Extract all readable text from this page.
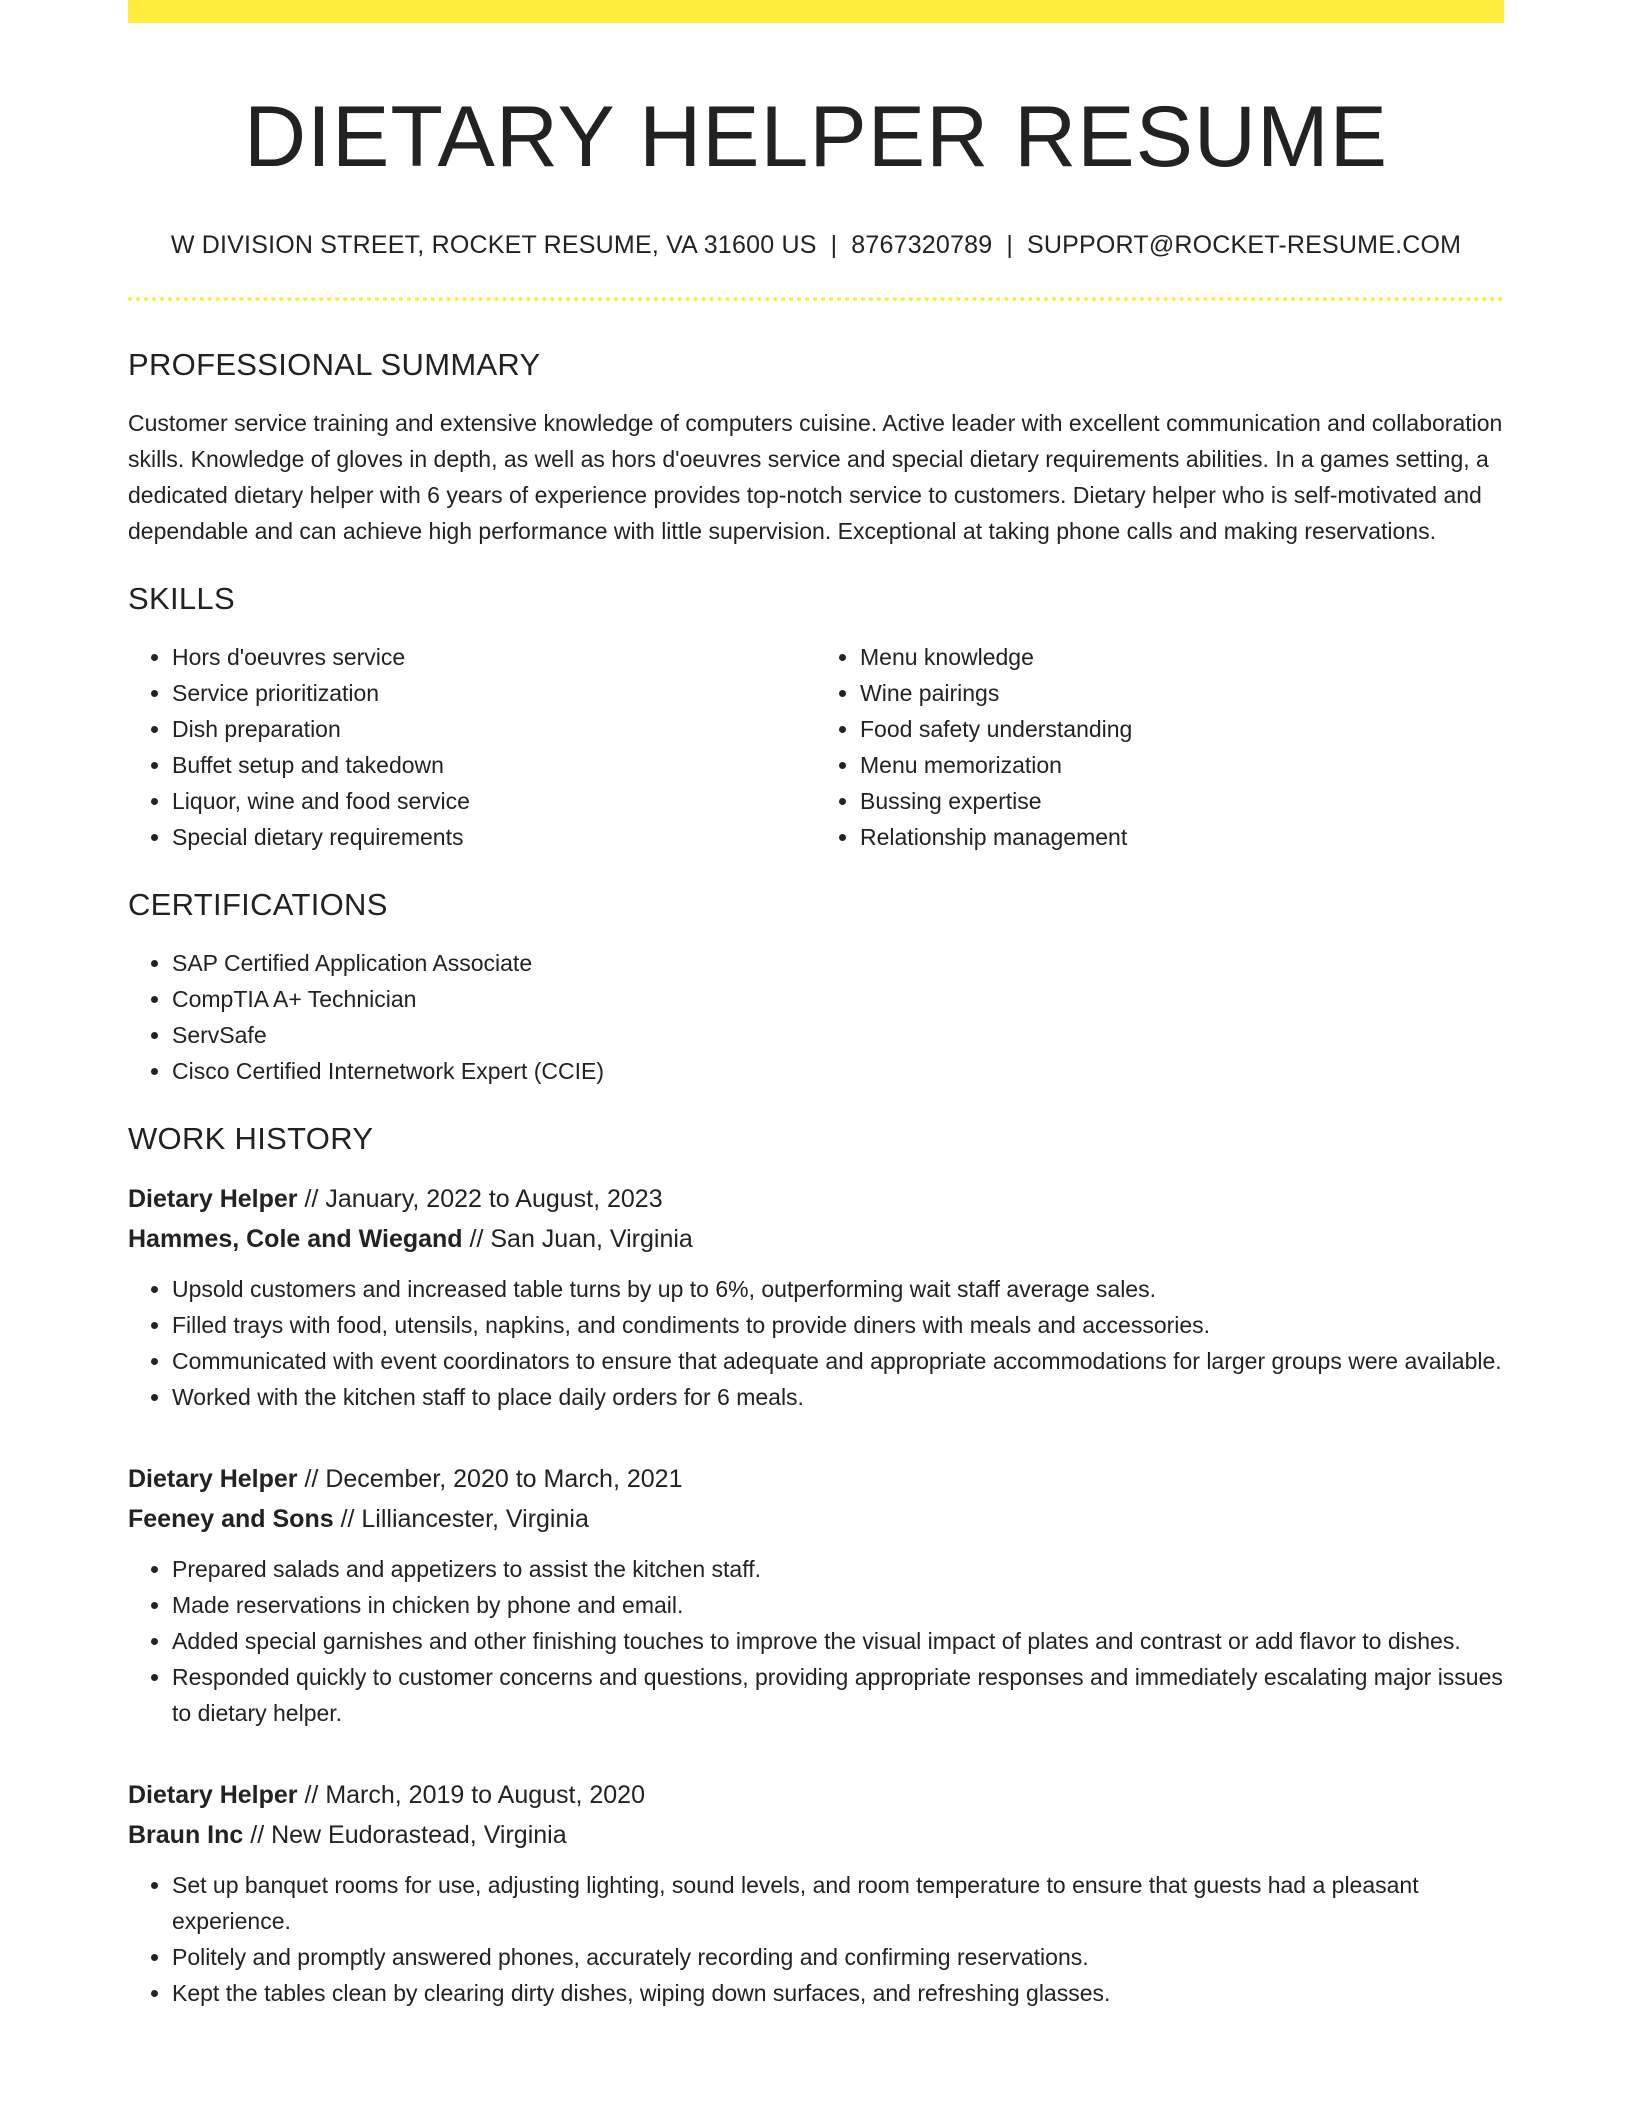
DIETARY HELPER RESUME
W DIVISION STREET, ROCKET RESUME, VA 31600 US | 8767320789 | SUPPORT@ROCKET-RESUME.COM
PROFESSIONAL SUMMARY

Customer service training and extensive knowledge of computers cuisine. Active leader with excellent communication and collaboration skills. Knowledge of gloves in depth, as well as hors d'oeuvres service and special dietary requirements abilities. In a games setting, a dedicated dietary helper with 6 years of experience provides top-notch service to customers. Dietary helper who is self-motivated and dependable and can achieve high performance with little supervision. Exceptional at taking phone calls and making reservations.

SKILLS
• Hors d'oeuvres service
• Service prioritization
• Dish preparation
• Buffet setup and takedown
• Liquor, wine and food service
• Special dietary requirements
• Menu knowledge
• Wine pairings
• Food safety understanding
• Menu memorization
• Bussing expertise
• Relationship management
CERTIFICATIONS
• SAP Certified Application Associate
• CompTIA A+ Technician
• ServSafe
• Cisco Certified Internetwork Expert (CCIE)
WORK HISTORY
Dietary Helper // January, 2022 to August, 2023
Hammes, Cole and Wiegand // San Juan, Virginia
• Upsold customers and increased table turns by up to 6%, outperforming wait staff average sales.
• Filled trays with food, utensils, napkins, and condiments to provide diners with meals and accessories.
• Communicated with event coordinators to ensure that adequate and appropriate accommodations for larger groups were available.
• Worked with the kitchen staff to place daily orders for 6 meals.
Dietary Helper // December, 2020 to March, 2021
Feeney and Sons // Lilliancester, Virginia
• Prepared salads and appetizers to assist the kitchen staff.
• Made reservations in chicken by phone and email.
• Added special garnishes and other finishing touches to improve the visual impact of plates and contrast or add flavor to dishes.
• Responded quickly to customer concerns and questions, providing appropriate responses and immediately escalating major issues to dietary helper.
Dietary Helper // March, 2019 to August, 2020
Braun Inc // New Eudorastead, Virginia
• Set up banquet rooms for use, adjusting lighting, sound levels, and room temperature to ensure that guests had a pleasant experience.
• Politely and promptly answered phones, accurately recording and confirming reservations.
• Kept the tables clean by clearing dirty dishes, wiping down surfaces, and refreshing glasses.
